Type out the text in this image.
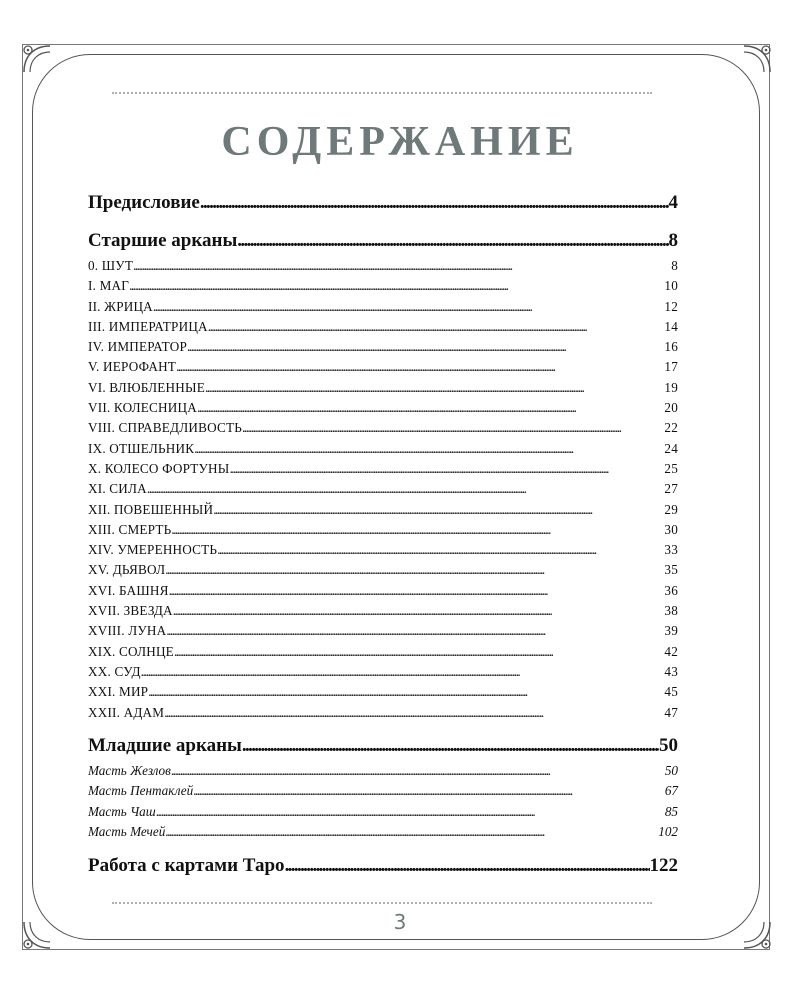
СОДЕРЖАНИЕ
Предисловие . . .	4
Старшие арканы . . .	8
0. ШУТ . . .	8
I. МАГ . . .	10
II. ЖРИЦА . . .	12
III. ИМПЕРАТРИЦА . . .	14
IV. ИМПЕРАТОР . . .	16
V. ИЕРОФАНТ . . .	17
VI. ВЛЮБЛЕННЫЕ . . .	19
VII. КОЛЕСНИЦА . . .	20
VIII. СПРАВЕДЛИВОСТЬ . . .	22
IX. ОТШЕЛЬНИК . . .	24
X. КОЛЕСО ФОРТУНЫ . . .	25
XI. СИЛА . . .	27
XII. ПОВЕШЕННЫЙ . . .	29
XIII. СМЕРТЬ . . .	30
XIV. УМЕРЕННОСТЬ . . .	33
XV. ДЬЯВОЛ . . .	35
XVI. БАШНЯ . . .	36
XVII. ЗВЕЗДА . . .	38
XVIII. ЛУНА . . .	39
XIX. СОЛНЦЕ . . .	42
XX. СУД . . .	43
XXI. МИР . . .	45
XXII. АДАМ . . .	47
Младшие арканы . . .	50
Масть Жезлов . . .	50
Масть Пентаклей . . .	67
Масть Чаш . . .	85
Масть Мечей . . .	102
Работа с картами Таро . . .	122
3
